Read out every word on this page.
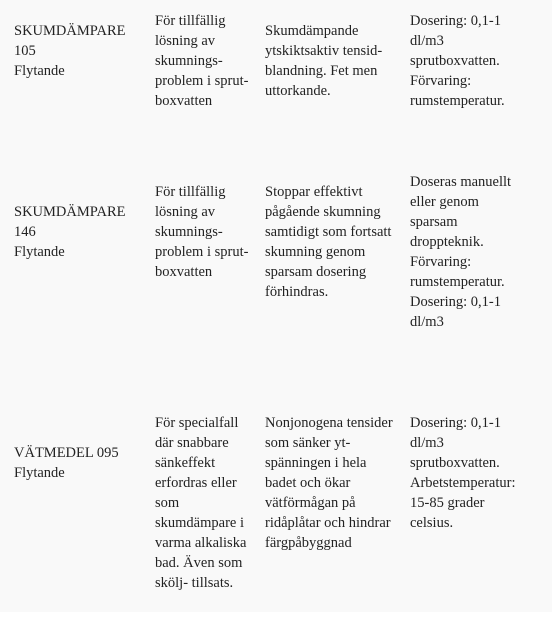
SKUMDÄMPARE
105
Flytande
För tillfällig
lösning av
skumnings-
problem i sprut-
boxvatten
Skumdämpande
ytskiktsaktiv tensid-
blandning. Fet men
uttorkande.
Dosering: 0,1-1
dl/m3
sprutboxvatten.
Förvaring:
rumstemperatur.
SKUMDÄMPARE
146
Flytande
För tillfällig
lösning av
skumnings-
problem i sprut-
boxvatten
Stoppar effektivt
pågående skumning
samtidigt som fortsatt
skumning genom
sparsam dosering
förhindras.
Doseras manuellt
eller genom
sparsam
droppteknik.
Förvaring:
rumstemperatur.
Dosering: 0,1-1
dl/m3
VÄTMEDEL 095
Flytande
För specialfall
där snabbare
sänkeffekt
erfordras eller
som
skumdämpare i
varma alkaliska
bad. Även som
skölj- tillsats.
Nonjonogena tensider
som sänker yt-
spänningen i hela
badet och ökar
vätförmågan på
ridåplåtar och hindrar
färgpåbyggnad
Dosering: 0,1-1
dl/m3
sprutboxvatten.
Arbetstemperatur:
15-85 grader
celsius.
